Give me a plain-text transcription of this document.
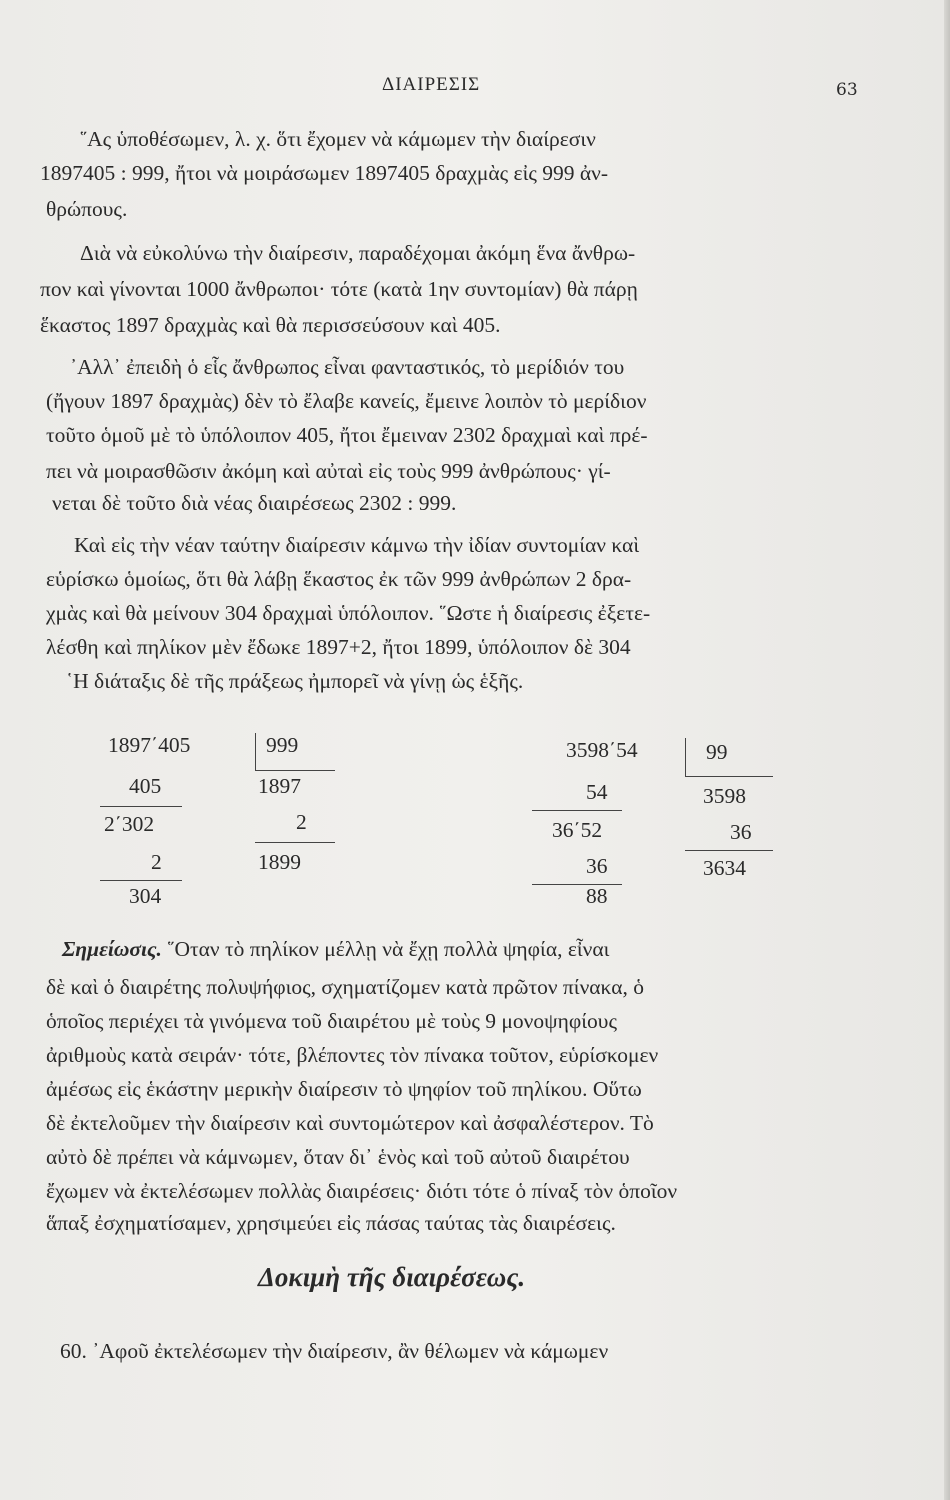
ΔΙΑΙΡΕΣΙΣ	63
῞Ας ὑποθέσωμεν, λ. χ. ὅτι ἔχομεν νὰ κάμωμεν τὴν διαίρεσιν
1897405 : 999, ἤτοι νὰ μοιράσωμεν 1897405 δραχμὰς εἰς 999 ἀν-
θρώπους.
Διὰ νὰ εὐκολύνω τὴν διαίρεσιν, παραδέχομαι ἀκόμη ἕνα ἄνθρω-
πον καὶ γίνονται 1000 ἄνθρωποι· τότε (κατὰ 1ην συντομίαν) θὰ πάρῃ
ἕκαστος 1897 δραχμὰς καὶ θὰ περισσεύσουν καὶ 405.
᾿Αλλ᾿ ἐπειδὴ ὁ εἷς ἄνθρωπος εἶναι φανταστικός, τὸ μερίδιόν του
(ἤγουν 1897 δραχμὰς) δὲν τὸ ἔλαβε κανείς, ἔμεινε λοιπὸν τὸ μερίδιον
τοῦτο ὁμοῦ μὲ τὸ ὑπόλοιπον 405, ἤτοι ἔμειναν 2302 δραχμαὶ καὶ πρέ-
πει νὰ μοιρασθῶσιν ἀκόμη καὶ αὐταὶ εἰς τοὺς 999 ἀνθρώπους· γί-
νεται δὲ τοῦτο διὰ νέας διαιρέσεως 2302 : 999.
Καὶ εἰς τὴν νέαν ταύτην διαίρεσιν κάμνω τὴν ἰδίαν συντομίαν καὶ
εὑρίσκω ὁμοίως, ὅτι θὰ λάβῃ ἕκαστος ἐκ τῶν 999 ἀνθρώπων 2 δρα-
χμὰς καὶ θὰ μείνουν 304 δραχμαὶ ὑπόλοιπον. ῞Ωστε ἡ διαίρεσις ἐξετε-
λέσθη καὶ πηλίκον μὲν ἔδωκε 1897+2, ἤτοι 1899, ὑπόλοιπον δὲ 304
῾Η διάταξις δὲ τῆς πράξεως ἠμπορεῖ νὰ γίνῃ ὡς ἑξῆς.
1897΄405	999
405	1897
2΄302	2
2	1899
304
3598΄54	99
54	3598
36΄52	36
36	3634
88
Σημείωσις. ῞Οταν τὸ πηλίκον μέλλῃ νὰ ἔχῃ πολλὰ ψηφία, εἶναι
δὲ καὶ ὁ διαιρέτης πολυψήφιος, σχηματίζομεν κατὰ πρῶτον πίνακα, ὁ
ὁποῖος περιέχει τὰ γινόμενα τοῦ διαιρέτου μὲ τοὺς 9 μονοψηφίους
ἀριθμοὺς κατὰ σειράν· τότε, βλέποντες τὸν πίνακα τοῦτον, εὑρίσκομεν
ἀμέσως εἰς ἑκάστην μερικὴν διαίρεσιν τὸ ψηφίον τοῦ πηλίκου. Οὕτω
δὲ ἐκτελοῦμεν τὴν διαίρεσιν καὶ συντομώτερον καὶ ἀσφαλέστερον. Τὸ
αὐτὸ δὲ πρέπει νὰ κάμνωμεν, ὅταν δι᾿ ἑνὸς καὶ τοῦ αὐτοῦ διαιρέτου
ἔχωμεν νὰ ἐκτελέσωμεν πολλὰς διαιρέσεις· διότι τότε ὁ πίναξ τὸν ὁποῖον
ἅπαξ ἐσχηματίσαμεν, χρησιμεύει εἰς πάσας ταύτας τὰς διαιρέσεις.
Δοκιμὴ τῆς διαιρέσεως.
60. ᾿Αφοῦ ἐκτελέσωμεν τὴν διαίρεσιν, ἂν θέλωμεν νὰ κάμωμεν
